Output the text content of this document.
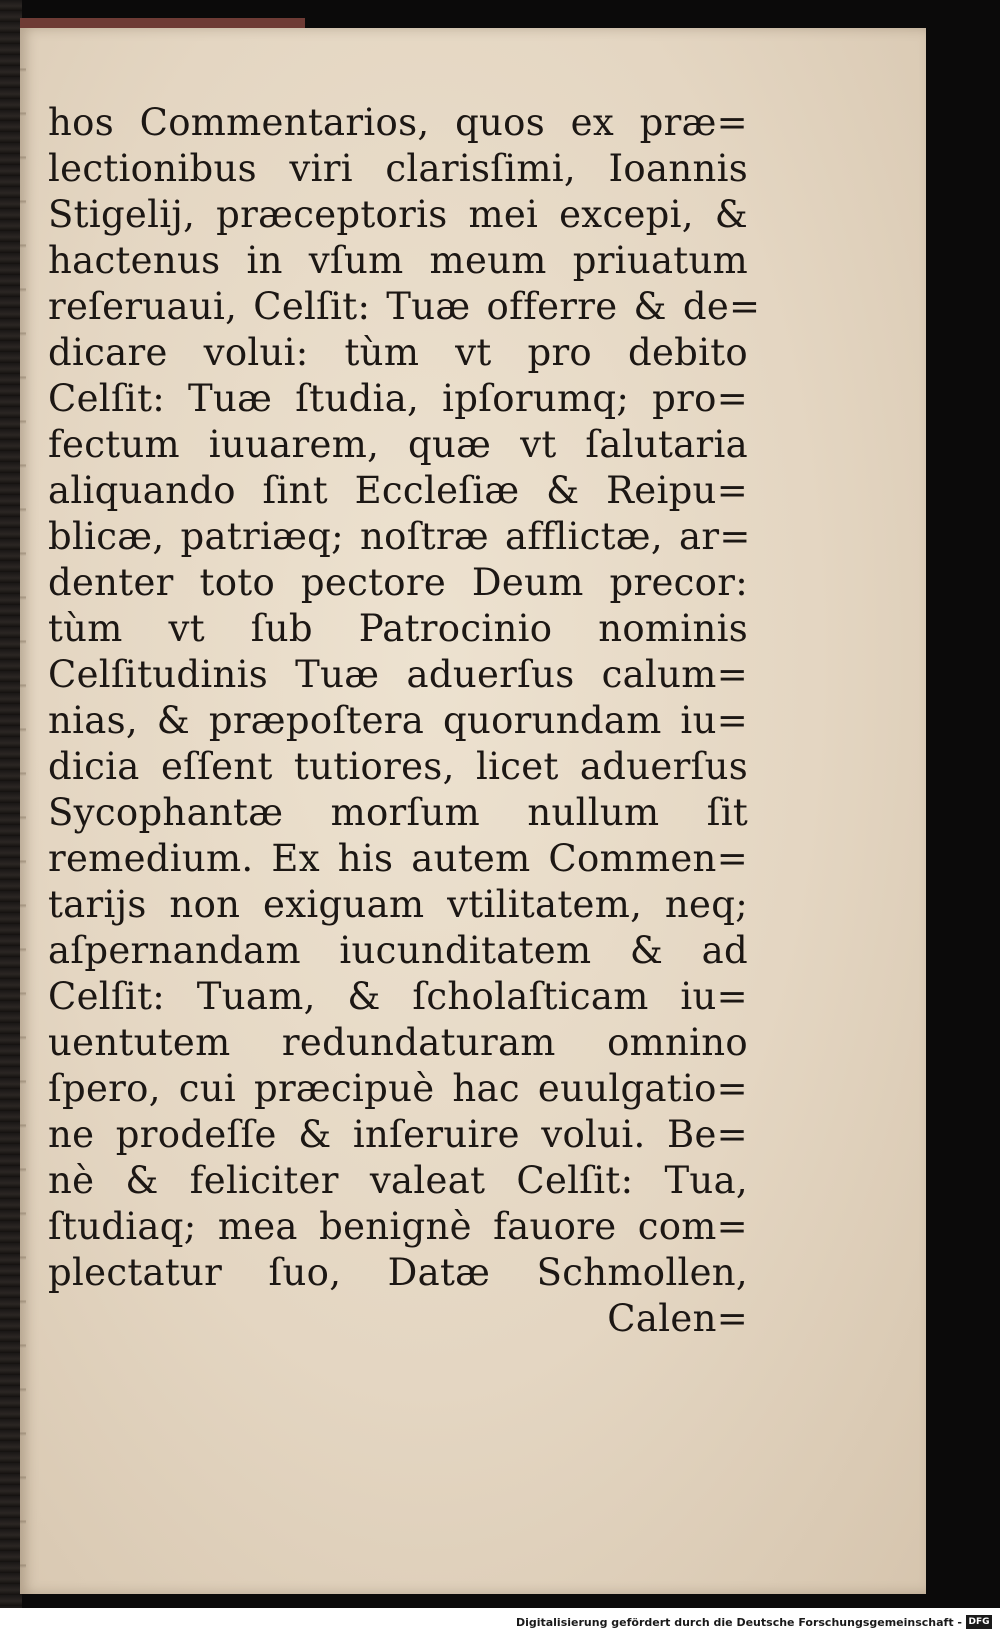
hos Commentarios, quos ex præ=
lectionibus viri clarisſimi, Ioannis
Stigelij, præceptoris mei excepi, &
hactenus in vſum meum priuatum
reſeruaui, Celſit: Tuæ offerre & de=
dicare volui: tùm vt pro debito
Celſit: Tuæ ſtudia, ipſorumq; pro=
fectum iuuarem, quæ vt ſalutaria
aliquando ſint Eccleſiæ & Reipu=
blicæ, patriæq; noſtræ afflictæ, ar=
denter toto pectore Deum precor:
tùm vt ſub Patrocinio nominis
Celſitudinis Tuæ aduerſus calum=
nias, & præpoſtera quorundam iu=
dicia eſſent tutiores, licet aduerſus
Sycophantæ morſum nullum ſit
remedium. Ex his autem Commen=
tarijs non exiguam vtilitatem, neq;
aſpernandam iucunditatem & ad
Celſit: Tuam, & ſcholaſticam iu=
uentutem redundaturam omnino
ſpero, cui præcipuè hac euulgatio=
ne prodeſſe & inſeruire volui. Be=
nè & feliciter valeat Celſit: Tua,
ſtudiaq; mea benignè fauore com=
plectatur ſuo, Datæ Schmollen,
Calen=
Digitalisierung gefördert durch die Deutsche Forschungsgemeinschaft - DFG
